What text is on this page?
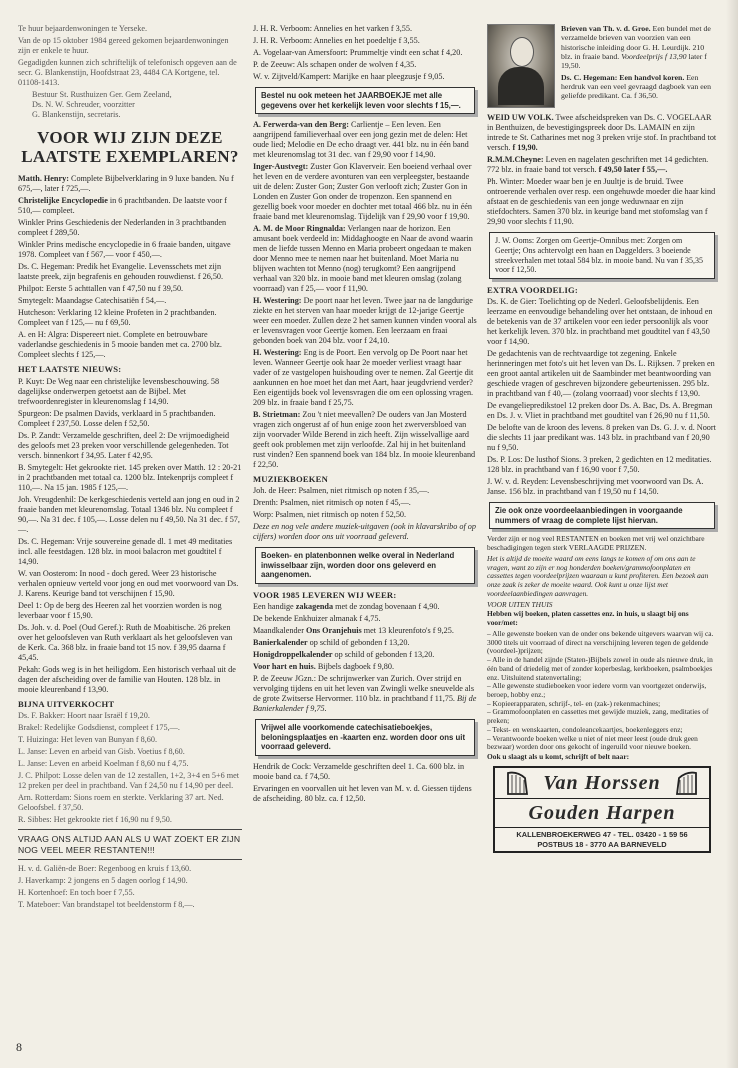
Te huur bejaardenwoningen te Yerseke.

Van de op 15 oktober 1984 gereed gekomen bejaardenwoningen zijn er enkele te huur.

Gegadigden kunnen zich schriftelijk of telefonisch opgeven aan de secr. G. Blankenstijn, Hoofdstraat 23, 4484 CA Kortgene, tel. 01108-1413.

Bestuur St. Rusthuizen Ger. Gem Zeeland,

Ds. N. W. Schreuder, voorzitter

G. Blankenstijn, secretaris.

VOOR WIJ ZIJN DEZE LAATSTE EXEMPLAREN?

Matth. Henry: Complete Bijbelverklaring in 9 luxe banden. Nu f 675,—, later f 725,—.

Christelijke Encyclopedie in 6 prachtbanden. De laatste voor f 510,— compleet.

Winkler Prins Geschiedenis der Nederlanden in 3 prachtbanden compleet f 289,50.

Winkler Prins medische encyclopedie in 6 fraaie banden, uitgave 1978. Compleet van f 567,— voor f 450,—.

Ds. C. Hegeman: Predik het Evangelie. Levensschets met zijn laatste preek, zijn begrafenis en gehouden rouwdienst. f 26,50.

Philpot: Eerste 5 achttallen van f 47,50 nu f 39,50.

Smytegelt: Maandagse Catechisatiën f 54,—.

Hutcheson: Verklaring 12 kleine Profeten in 2 prachtbanden. Compleet van f 125,— nu f 69,50.

A. en H: Algra: Dispereert niet. Complete en betrouwbare vaderlandse geschiedenis in 5 mooie banden met ca. 2700 blz. Compleet slechts f 125,—.

HET LAATSTE NIEUWS:

P. Kuyt: De Weg naar een christelijke levensbeschouwing. 58 dagelijkse onderwerpen getoetst aan de Bijbel. Met trefwoordenregister in kleurenomslag f 14,90.

Spurgeon: De psalmen Davids, verklaard in 5 prachtbanden. Compleet f 237,50. Losse delen f 52,50.

Ds. P. Zandt: Verzamelde geschriften, deel 2: De vrijmoedigheid des geloofs met 23 preken voor verschillende gelegenheden. Tot versch. binnenkort f 34,95. Later f 42,95.

B. Smytegelt: Het gekrookte riet. 145 preken over Matth. 12 : 20-21 in 2 prachtbanden met totaal ca. 1200 blz. Intekenprijs compleet f 110,—. Na 15 jan. 1985 f 125,—.

Joh. Vreugdenhil: De kerkgeschiedenis verteld aan jong en oud in 2 fraaie banden met kleurenomslag. Totaal 1346 blz. Nu compleet f 90,—. Na 31 dec. f 105,—. Losse delen nu f 49,50. Na 31 dec. f 57,—.

Ds. C. Hegeman: Vrije souvereine genade dl. 1 met 49 meditaties incl. alle feestdagen. 128 blz. in mooi balacron met goudtitel f 14,90.

W. van Oosterom: In nood - doch gered. Weer 23 historische verhalen opnieuw verteld voor jong en oud met voorwoord van Ds. J. Karens. Keurige band tot verschijnen f 15,90.

Deel 1: Op de berg des Heeren zal het voorzien worden is nog leverbaar voor f 15,90.

Ds. Joh. v. d. Poel (Oud Geref.): Ruth de Moabitische. 26 preken over het geloofsleven van Ruth verklaart als het geloofsleven van de Kerk. Ca. 368 blz. in fraaie band tot 15 nov. f 39,95 daarna f 45,45.

Pekah: Gods weg is in het heiligdom. Een historisch verhaal uit de dagen der afscheiding over de familie van Houten. 128 blz. in mooie kleurenband f 13,90.

BIJNA UITVERKOCHT

Ds. F. Bakker: Hoort naar Israël f 19,20.

Brakel: Redelijke Godsdienst, compleet f 175,—.

T. Huizinga: Het leven van Bunyan f 8,60.

L. Janse: Leven en arbeid van Gisb. Voetius f 8,60.

L. Janse: Leven en arbeid Koelman f 8,60 nu f 4,75.

J. C. Philpot: Losse delen van de 12 zestallen, 1+2, 3+4 en 5+6 met 12 preken per deel in prachtband. Van f 24,50 nu f 14,90 per deel.

Arn. Rotterdam: Sions roem en sterkte. Verklaring 37 art. Ned. Geloofsbel. f 37,50.

R. Sibbes: Het gekrookte riet f 16,90 nu f 9,50.

VRAAG ONS ALTIJD AAN ALS U WAT ZOEKT ER ZIJN NOG VEEL MEER RESTANTEN!!!

H. v. d. Galiën-de Boer: Regenboog en kruis f 13,60.

J. Haverkamp: 2 jongens en 5 dagen oorlog f 14,90.

H. Kortenhoef: En toch boer f 7,55.

T. Mateboer: Van brandstapel tot beeldenstorm f 8,—.

J. H. R. Verboom: Annelies en het varken f 3,55.

J. H. R. Verboom: Annelies en het poedeltje f 3,55.

A. Vogelaar-van Amersfoort: Prummeltje vindt een schat f 4,20.

P. de Zeeuw: Als schapen onder de wolven f 4,35.

W. v. Zijtveld/Kampert: Marijke en haar pleegzusje f 9,05.

Bestel nu ook meteen het JAARBOEKJE met alle gegevens over het kerkelijk leven voor slechts f 15,—.

A. Ferwerda-van den Berg: Carlientje – Een leven. Een aangrijpend familieverhaal over een jong gezin met de delen: Het oude lied; Melodie en De echo draagt ver. 441 blz. nu in één band met kleurenomslag tot 31 dec. van f 29,90 voor f 14,90.

Inger-Austvegt: Zuster Gon Klaverveir. Een boeiend verhaal over het leven en de verdere avonturen van een verpleegster, bestaande uit de delen: Zuster Gon; Zuster Gon verlooft zich; Zuster Gon in Londen en Zuster Gon onder de tropenzon. Een spannend en gezellig boek voor moeder en dochter met totaal 466 blz. nu in één fraaie band met kleurenomslag. Tijdelijk van f 29,90 voor f 19,90.

A. M. de Moor Ringnalda: Verlangen naar de horizon. Een amusant boek verdeeld in: Middaghoogte en Naar de avond waarin men de liefde tussen Menno en Maria probeert ongedaan te maken door Menno mee te nemen naar het buitenland. Moet Maria nu blijven wachten tot Menno (nog) terugkomt? Een aangrijpend verhaal van 320 blz. in mooie band met kleuren omslag (zolang voorraad) van f 25,— voor f 11,90.

H. Westering: De poort naar het leven. Twee jaar na de langdurige ziekte en het sterven van haar moeder krijgt de 12-jarige Geertje weer een moeder. Zullen deze 2 het samen kunnen vinden vooral als er levensvragen voor Geertje komen. Een leerzaam en fraai gebonden boek van 204 blz. voor f 24,10.

H. Westering: Eng is de Poort. Een vervolg op De Poort naar het leven. Wanneer Geertje ook haar 2e moeder verliest vraagt haar vader of ze vastgelopen huishouding over te nemen. Zal Geertje dit aankunnen en hoe moet het dan met Aart, haar jeugdvriend verder? Een eigentijds boek vol levensvragen die om een oplossing vragen. 209 blz. in fraaie band f 25,75.

B. Strietman: Zou 't niet meevallen? De ouders van Jan Mosterd vragen zich ongerust af of hun enige zoon het zwerversbloed van zijn voorvader Wilde Berend in zich heeft. Zijn wisselvallige aard geeft ook problemen met zijn verloofde. Zal hij in het buitenland rust vinden? Een spannend boek van 184 blz. In mooie kleurenband f 22,50.

MUZIEKBOEKEN

Joh. de Heer: Psalmen, niet ritmisch op noten f 35,—.

Drenth: Psalmen, niet ritmisch op noten f 45,—.

Worp: Psalmen, niet ritmisch op noten f 52,50.

Deze en nog vele andere muziek-uitgaven (ook in klavarskribo of op cijfers) worden door ons uit voorraad geleverd.

Boeken- en platenbonnen welke overal in Nederland inwisselbaar zijn, worden door ons geleverd en aangenomen.
VOOR 1985 LEVEREN WIJ WEER:

Een handige zakagenda met de zondag bovenaan f 4,90.

De bekende Enkhuizer almanak f 4,75.

Maandkalender Ons Oranjehuis met 13 kleurenfoto's f 9,25.

Banierkalender op schild of gebonden f 13,20.

Honigdroppelkalender op schild of gebonden f 13,20.

Voor hart en huis. Bijbels dagboek f 9,80.

P. de Zeeuw JGzn.: De schrijnwerker van Zurich. Over strijd en vervolging tijdens en uit het leven van Zwingli welke sneuvelde als de grote Zwitserse Hervormer. 110 blz. in prachtband f 11,75. Bij de Banierkalender f 9,75.

Vrijwel alle voorkomende catechisatieboekjes, beloningsplaatjes en -kaarten enz. worden door ons uit voorraad geleverd.

Hendrik de Cock: Verzamelde geschriften deel 1. Ca. 600 blz. in mooie band ca. f 74,50.

Ervaringen en voorvallen uit het leven van M. v. d. Giessen tijdens de afscheiding. 80 blz. ca. f 12,50.

Brieven van Th. v. d. Groe. Een bundel met de verzamelde brieven van voorzien van een historische inleiding door G. H. Leurdijk. 210 blz. in fraaie band. Voordeelprijs f 13,90 later f 19,50.

Ds. C. Hegeman: Een handvol koren. Een herdruk van een veel gevraagd dagboek van een geliefde predikant. Ca. f 36,50.

WEID UW VOLK. Twee afscheidspreken van Ds. C. VOGELAAR in Benthuizen, de bevestigingspreek door Ds. LAMAIN en zijn intrede te St. Catharines met nog 3 preken vrije stof. In prachtband tot versch. f 19,90.

R.M.M.Cheyne: Leven en nagelaten geschriften met 14 gedichten. 772 blz. in fraaie band tot versch. f 49,50 later f 55,—.

Ph. Winter: Moeder waar ben je en Juultje is de bruid. Twee ontroerende verhalen over resp. een ongehuwde moeder die haar kind afstaat en de geschiedenis van een jonge weduwnaar en zijn stiefdochters. Samen 370 blz. in keurige band met stofomslag van f 29,90 voor slechts f 11,90.

J. W. Ooms: Zorgen om Geertje-Omnibus met: Zorgen om Geertje; Ons achtervolgt een haan en Daggelders. 3 boeiende streekverhalen met totaal 584 blz. in mooie band. Nu van f 35,35 voor f 12,50.
EXTRA VOORDELIG:

Ds. K. de Gier: Toelichting op de Nederl. Geloofsbelijdenis. Een leerzame en eenvoudige behandeling over het ontstaan, de inhoud en de betekenis van de 37 artikelen voor een ieder persoonlijk als voor het kerkelijk leven. 370 blz. in prachtband met goudtitel van f 43,50 voor f 14,90.

De gedachtenis van de rechtvaardige tot zegening. Enkele herinneringen met foto's uit het leven van Ds. L. Rijksen. 7 preken en een groot aantal artikelen uit de Saambinder met beantwoording van geschiede vragen of geschreven bijzondere gebeurtenissen. 295 blz. in prachtband van f 40,— (zolang voorraad) voor slechts f 13,90.

De evangeliepredikstoel 12 preken door Ds. A. Bac, Ds. A. Bregman en Ds. J. v. Vliet in prachtband met goudtitel van f 26,90 nu f 11,50.

De belofte van de kroon des levens. 8 preken van Ds. G. J. v. d. Noort die slechts 11 jaar predikant was. 143 blz. in prachtband van f 20,90 nu f 9,50.

Ds. P. Los: De lusthof Sions. 3 preken, 2 gedichten en 12 meditaties. 128 blz. in prachtband van f 16,90 voor f 7,50.

J. W. v. d. Reyden: Levensbeschrijving met voorwoord van Ds. A. Janse. 156 blz. in prachtband van f 19,50 nu f 14,50.

Zie ook onze voordeelaanbiedingen in voorgaande nummers of vraag de complete lijst hiervan.

Verder zijn er nog veel RESTANTEN en boeken met vrij wel onzichtbare beschadigingen tegen sterk VERLAAGDE PRIJZEN.

Het is altijd de moeite waard om eens langs te komen of om ons aan te vragen, want zo zijn er nog honderden boeken/grammofoonplaten en cassettes tegen voordeelprijzen waaraan u kunt profiteren. Een bezoek aan onze zaak is zeker de moeite waard. Ook kunt u onze lijst met voordeelaanbiedingen aanvragen.

VOOR UITEN THUIS

Hebben wij boeken, platen cassettes enz. in huis, u slaagt bij ons voor/met:

– Alle gewenste boeken van de onder ons bekende uitgevers waarvan wij ca. 3000 titels uit voorraad of direct na verschijning leveren tegen de geldende (voordeel-)prijzen;

– Alle in de handel zijnde (Staten-)Bijbels zowel in oude als nieuwe druk, in één band of driedelig met of zonder koperbeslag, kerkboeken, psalmboekjes enz. Uitsluitend statenvertaling;

– Alle gewenste studieboeken voor iedere vorm van voortgezet onderwijs, beroep, hobby enz.;

– Kopieerapparaten, schrijf-, tel- en (zak-) rekenmachines;

– Grammofoonplaten en cassettes met gewijde muziek, zang, meditaties of preken;

– Tekst- en wenskaarten, condoleancekaartjes, boekenleggers enz;

– Verantwoorde boeken welke u niet of niet meer leest (oude druk geen bezwaar) worden door ons gekocht of ingeruild voor nieuwe boeken.

Ook u slaagt als u komt, schrijft of belt naar:

Van Horssen
Gouden Harpen
KALLENBROEKERWEG 47 - TEL. 03420 - 1 59 56
POSTBUS 18 - 3770 AA BARNEVELD
8
